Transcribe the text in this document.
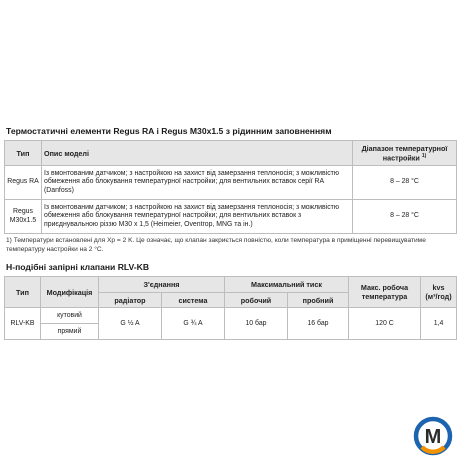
Термостатичні елементи Regus RA і Regus M30x1.5 з рідинним заповненням
Тип	Опис моделі	Діапазон температурної настройки $^{1)}$
Regus RA	Із вмонтованим датчиком; з настройкою на захист від замерзання теплоносія; з можливістю обмеження або блокування температурної настройки; для вентильних вставок серії RA (Danfoss)	8 – 28 °C
Regus M30x1.5	Із вмонтованим датчиком; з настройкою на захист від замерзання теплоносія; з можливістю обмеження або блокування температурної настройки; для вентильних вставок з приєднувальною різзю M30 x 1,5 (Heimeier, Oventrop, MNG та ін.)	8 – 28 °C
1) Температури встановлені для Xp = 2 K. Це означає, що клапан закриється повністю, коли температура в приміщенні перевищуватиме температуру настройки на 2 °C.
Н-подібні запірні клапани RLV-KB
Тип	Модифікація	З'єднання		Максимальний тиск		Макс. робоча температура	kvs
(м³/год)

		радіатор	система	робочий	пробний		
RLV-KB	кутовий	G ½ A	G ¾ A	10 бар	16 бар	120 C	1,4
	прямий						
M
